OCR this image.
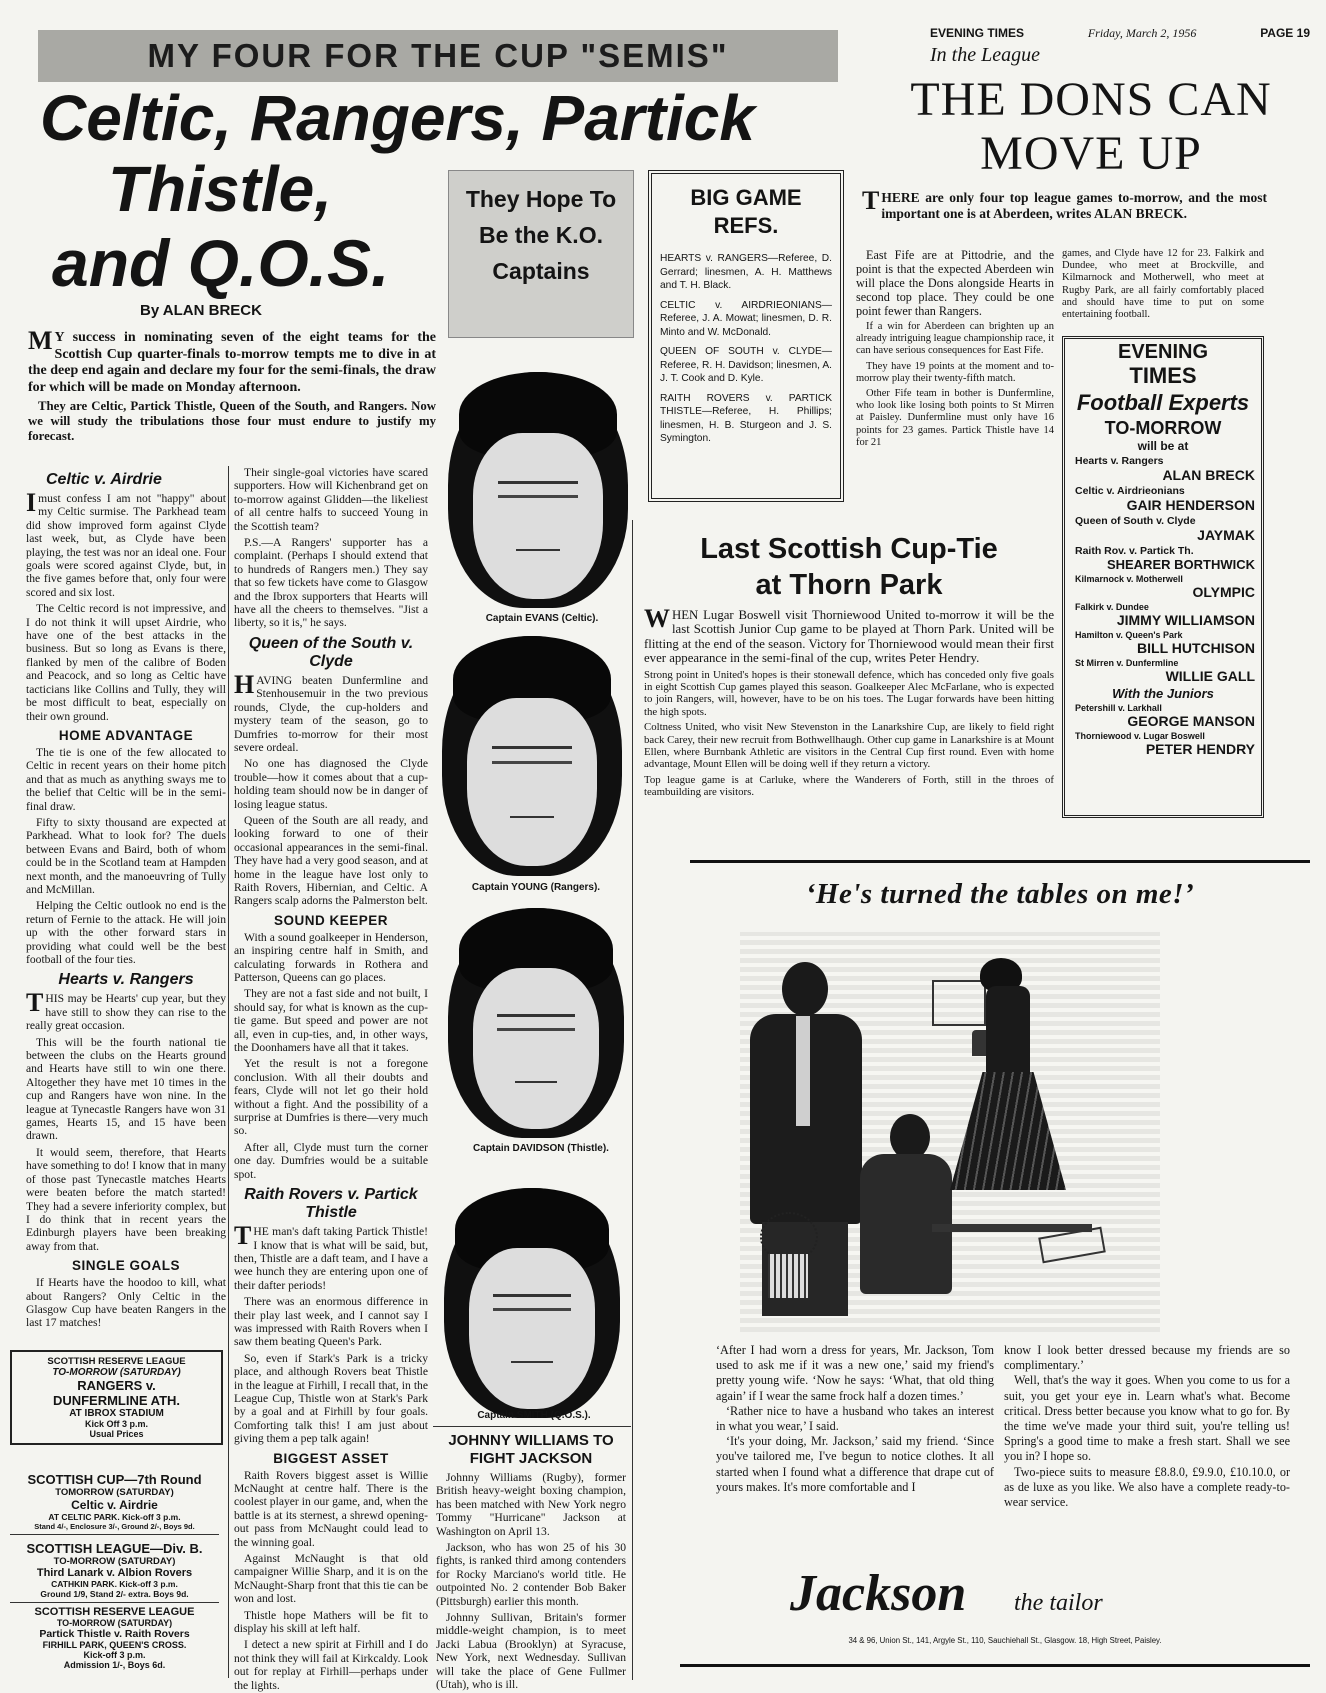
EVENING TIMES	Friday, March 2, 1956	PAGE 19
MY FOUR FOR THE CUP "SEMIS"
Celtic, Rangers, Partick
Thistle,
and Q.O.S.
By ALAN BRECK

MY success in nominating seven of the eight teams for the Scottish Cup quarter-finals to-morrow tempts me to dive in at the deep end again and declare my four for the semi-finals, the draw for which will be made on Monday afternoon.

They are Celtic, Partick Thistle, Queen of the South, and Rangers. Now we will study the tribulations those four must endure to justify my forecast.

Celtic v. Airdrie

Imust confess I am not "happy" about my Celtic surmise. The Parkhead team did show improved form against Clyde last week, but, as Clyde have been playing, the test was nor an ideal one. Four goals were scored against Clyde, but, in the five games before that, only four were scored and six lost.

The Celtic record is not impressive, and I do not think it will upset Airdrie, who have one of the best attacks in the business. But so long as Evans is there, flanked by men of the calibre of Boden and Peacock, and so long as Celtic have tacticians like Collins and Tully, they will be most difficult to beat, especially on their own ground.

HOME ADVANTAGE

The tie is one of the few allocated to Celtic in recent years on their home pitch and that as much as anything sways me to the belief that Celtic will be in the semi-final draw.

Fifty to sixty thousand are expected at Parkhead. What to look for? The duels between Evans and Baird, both of whom could be in the Scotland team at Hampden next month, and the manoeuvring of Tully and McMillan.

Helping the Celtic outlook no end is the return of Fernie to the attack. He will join up with the other forward stars in providing what could well be the best football of the four ties.

Hearts v. Rangers

THIS may be Hearts' cup year, but they have still to show they can rise to the really great occasion.

This will be the fourth national tie between the clubs on the Hearts ground and Hearts have still to win one there. Altogether they have met 10 times in the cup and Rangers have won nine. In the league at Tynecastle Rangers have won 31 games, Hearts 15, and 15 have been drawn.

It would seem, therefore, that Hearts have something to do! I know that in many of those past Tynecastle matches Hearts were beaten before the match started! They had a severe inferiority complex, but I do think that in recent years the Edinburgh players have been breaking away from that.

SINGLE GOALS

If Hearts have the hoodoo to kill, what about Rangers? Only Celtic in the Glasgow Cup have beaten Rangers in the last 17 matches!

Their single-goal victories have scared supporters. How will Kichenbrand get on to-morrow against Glidden—the likeliest of all centre halfs to succeed Young in the Scottish team?

P.S.—A Rangers' supporter has a complaint. (Perhaps I should extend that to hundreds of Rangers men.) They say that so few tickets have come to Glasgow and the Ibrox supporters that Hearts will have all the cheers to themselves. "Jist a liberty, so it is," he says.

Queen of the South v. Clyde

HAVING beaten Dunfermline and Stenhousemuir in the two previous rounds, Clyde, the cup-holders and mystery team of the season, go to Dumfries to-morrow for their most severe ordeal.

No one has diagnosed the Clyde trouble—how it comes about that a cup-holding team should now be in danger of losing league status.

Queen of the South are all ready, and looking forward to one of their occasional appearances in the semi-final. They have had a very good season, and at home in the league have lost only to Raith Rovers, Hibernian, and Celtic. A Rangers scalp adorns the Palmerston belt.

SOUND KEEPER

With a sound goalkeeper in Henderson, an inspiring centre half in Smith, and calculating forwards in Rothera and Patterson, Queens can go places.

They are not a fast side and not built, I should say, for what is known as the cup-tie game. But speed and power are not all, even in cup-ties, and, in other ways, the Doonhamers have all that it takes.

Yet the result is not a foregone conclusion. With all their doubts and fears, Clyde will not let go their hold without a fight. And the possibility of a surprise at Dumfries is there—very much so.

After all, Clyde must turn the corner one day. Dumfries would be a suitable spot.

Raith Rovers v. Partick Thistle

THE man's daft taking Partick Thistle! I know that is what will be said, but, then, Thistle are a daft team, and I have a wee hunch they are entering upon one of their dafter periods!

There was an enormous difference in their play last week, and I cannot say I was impressed with Raith Rovers when I saw them beating Queen's Park.

So, even if Stark's Park is a tricky place, and although Rovers beat Thistle in the league at Firhill, I recall that, in the League Cup, Thistle won at Stark's Park by a goal and at Firhill by four goals. Comforting talk this! I am just about giving them a pep talk again!

BIGGEST ASSET

Raith Rovers biggest asset is Willie McNaught at centre half. There is the coolest player in our game, and, when the battle is at its sternest, a shrewd opening-out pass from McNaught could lead to the winning goal.

Against McNaught is that old campaigner Willie Sharp, and it is on the McNaught-Sharp front that this tie can be won and lost.

Thistle hope Mathers will be fit to display his skill at left half.

I detect a new spirit at Firhill and I do not think they will fail at Kirkcaldy. Look out for replay at Firhill—perhaps under the lights.

SCOTTISH RESERVE LEAGUE
TO-MORROW (SATURDAY)
RANGERS v.
DUNFERMLINE ATH.
AT IBROX STADIUM
Kick Off 3 p.m.
Usual Prices
SCOTTISH CUP—7th Round
TOMORROW (SATURDAY)
Celtic v. Airdrie
AT CELTIC PARK. Kick-off 3 p.m.
Stand 4/-, Enclosure 3/-, Ground 2/-, Boys 9d.
SCOTTISH LEAGUE—Div. B.
TO-MORROW (SATURDAY)
Third Lanark v. Albion Rovers
CATHKIN PARK. Kick-off 3 p.m.
Ground 1/9, Stand 2/- extra. Boys 9d.
SCOTTISH RESERVE LEAGUE
TO-MORROW (SATURDAY)
Partick Thistle v. Raith Rovers
FIRHILL PARK, QUEEN'S CROSS.
Kick-off 3 p.m.
Admission 1/-, Boys 6d.
They Hope To Be the K.O. Captains
Captain EVANS (Celtic).
Captain YOUNG (Rangers).
Captain DAVIDSON (Thistle).
Captain SMITH (Q.O.S.).
JOHNNY WILLIAMS TO FIGHT JACKSON

Johnny Williams (Rugby), former British heavy-weight boxing champion, has been matched with New York negro Tommy "Hurricane" Jackson at Washington on April 13.

Jackson, who has won 25 of his 30 fights, is ranked third among contenders for Rocky Marciano's world title. He outpointed No. 2 contender Bob Baker (Pittsburgh) earlier this month.

Johnny Sullivan, Britain's former middle-weight champion, is to meet Jacki Labua (Brooklyn) at Syracuse, New York, next Wednesday. Sullivan will take the place of Gene Fullmer (Utah), who is ill.

BIG GAME REFS.

HEARTS v. RANGERS—Referee, D. Gerrard; linesmen, A. H. Matthews and T. H. Black.

CELTIC v. AIRDRIEONIANS—Referee, J. A. Mowat; linesmen, D. R. Minto and W. McDonald.

QUEEN OF SOUTH v. CLYDE—Referee, R. H. Davidson; linesmen, A. J. T. Cook and D. Kyle.

RAITH ROVERS v. PARTICK THISTLE—Referee, H. Phillips; linesmen, H. B. Sturgeon and J. S. Symington.

In the League
THE DONS CAN
MOVE UP

THERE are only four top league games to-morrow, and the most important one is at Aberdeen, writes ALAN BRECK.

East Fife are at Pittodrie, and the point is that the expected Aberdeen win will place the Dons alongside Hearts in second top place. They could be one point fewer than Rangers.

If a win for Aberdeen can brighten up an already intriguing league championship race, it can have serious consequences for East Fife.

They have 19 points at the moment and to-morrow play their twenty-fifth match.

Other Fife team in bother is Dunfermline, who look like losing both points to St Mirren at Paisley. Dunfermline must only have 16 points for 23 games. Partick Thistle have 14 for 21

games, and Clyde have 12 for 23. Falkirk and Dundee, who meet at Brockville, and Kilmarnock and Motherwell, who meet at Rugby Park, are all fairly comfortably placed and should have time to put on some entertaining football.

EVENING
TIMES
Football Experts
TO-MORROW
will be at
Hearts v. Rangers
ALAN BRECK
Celtic v. Airdrieonians
GAIR HENDERSON
Queen of South v. Clyde
JAYMAK
Raith Rov. v. Partick Th.
SHEARER BORTHWICK
Kilmarnock v. Motherwell
OLYMPIC
Falkirk v. Dundee
JIMMY WILLIAMSON
Hamilton v. Queen's Park
BILL HUTCHISON
St Mirren v. Dunfermline
WILLIE GALL
With the Juniors
Petershill v. Larkhall
GEORGE MANSON
Thorniewood v. Lugar Boswell
PETER HENDRY
Last Scottish Cup-Tie
at Thorn Park

WHEN Lugar Boswell visit Thorniewood United to-morrow it will be the last Scottish Junior Cup game to be played at Thorn Park. United will be flitting at the end of the season. Victory for Thorniewood would mean their first ever appearance in the semi-final of the cup, writes Peter Hendry.

Strong point in United's hopes is their stonewall defence, which has conceded only five goals in eight Scottish Cup games played this season. Goalkeeper Alec McFarlane, who is expected to join Rangers, will, however, have to be on his toes. The Lugar forwards have been hitting the high spots.

Coltness United, who visit New Stevenston in the Lanarkshire Cup, are likely to field right back Carey, their new recruit from Bothwellhaugh. Other cup game in Lanarkshire is at Mount Ellen, where Burnbank Athletic are visitors in the Central Cup first round. Even with home advantage, Mount Ellen will be doing well if they return a victory.

Top league game is at Carluke, where the Wanderers of Forth, still in the throes of teambuilding are visitors.

‘He's turned the tables on me!’

‘After I had worn a dress for years, Mr. Jackson, Tom used to ask me if it was a new one,’ said my friend's pretty young wife. ‘Now he says: ‘What, that old thing again’ if I wear the same frock half a dozen times.’

‘Rather nice to have a husband who takes an interest in what you wear,’ I said.

‘It's your doing, Mr. Jackson,’ said my friend. ‘Since you've tailored me, I've begun to notice clothes. It all started when I found what a difference that drape cut of yours makes. It's more comfortable and I

know I look better dressed because my friends are so complimentary.’

Well, that's the way it goes. When you come to us for a suit, you get your eye in. Learn what's what. Become critical. Dress better because you know what to go for. By the time we've made your third suit, you're telling us! Spring's a good time to make a fresh start. Shall we see you in? I hope so.

Two-piece suits to measure £8.8.0, £9.9.0, £10.10.0, or as de luxe as you like. We also have a complete ready-to-wear service.

Jackson the tailor
34 & 96, Union St., 141, Argyle St., 110, Sauchiehall St., Glasgow. 18, High Street, Paisley.
